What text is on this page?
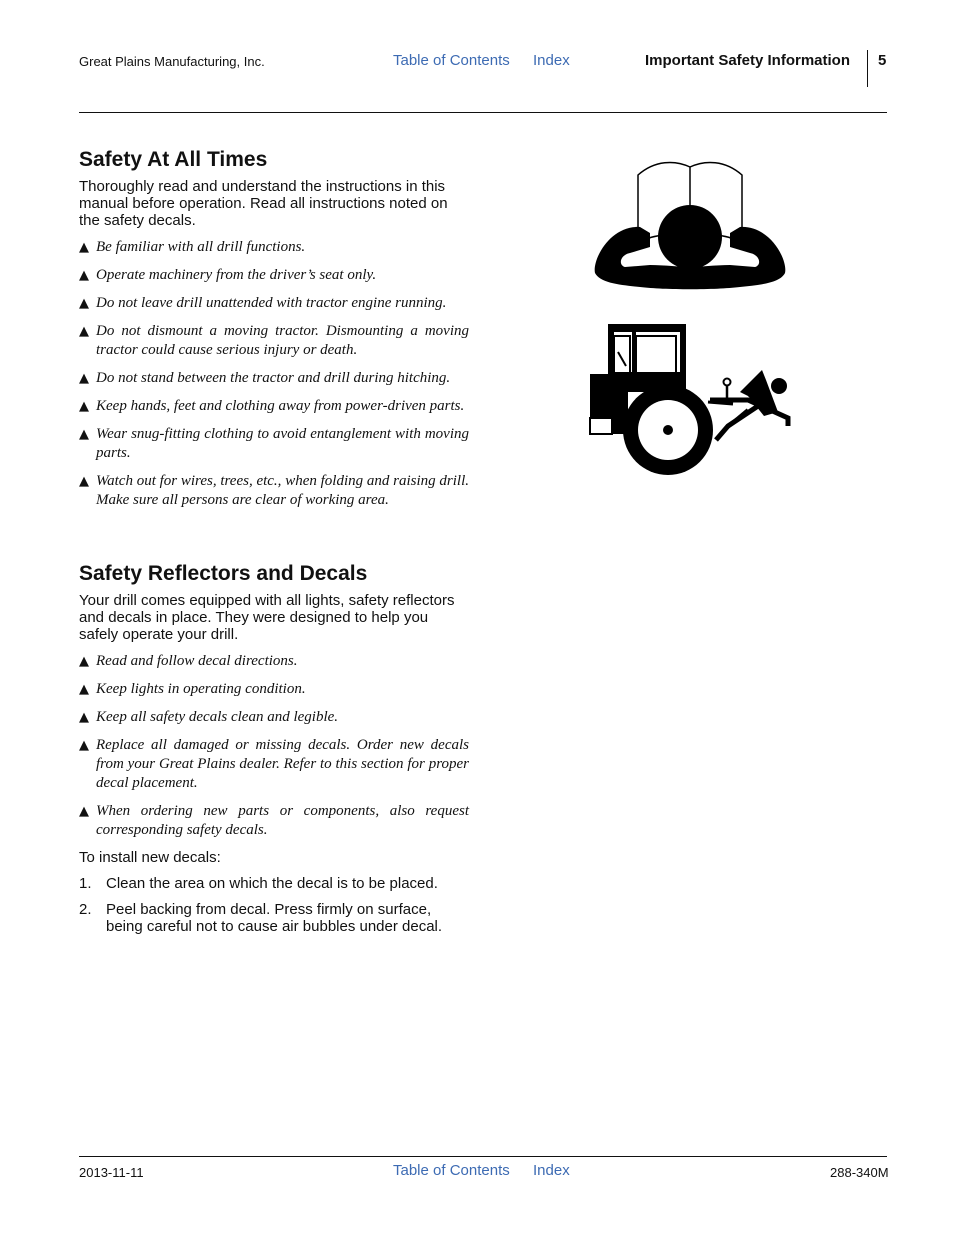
Great Plains Manufacturing, Inc.	Table of Contents Index	Important Safety Information 5
Safety At All Times

Thoroughly read and understand the instructions in this manual before operation. Read all instructions noted on the safety decals.

▲ Be familiar with all drill functions.
▲ Operate machinery from the driver’s seat only.
▲ Do not leave drill unattended with tractor engine running.
▲ Do not dismount a moving tractor. Dismounting a moving tractor could cause serious injury or death.
▲ Do not stand between the tractor and drill during hitching.
▲ Keep hands, feet and clothing away from power-driven parts.
▲ Wear snug-fitting clothing to avoid entanglement with moving parts.
▲ Watch out for wires, trees, etc., when folding and raising drill. Make sure all persons are clear of working area.
Safety Reflectors and Decals

Your drill comes equipped with all lights, safety reflectors and decals in place. They were designed to help you safely operate your drill.

▲ Read and follow decal directions.
▲ Keep lights in operating condition.
▲ Keep all safety decals clean and legible.
▲ Replace all damaged or missing decals. Order new decals from your Great Plains dealer. Refer to this section for proper decal placement.
▲ When ordering new parts or components, also request corresponding safety decals.

To install new decals:

1. Clean the area on which the decal is to be placed.
2. Peel backing from decal. Press firmly on surface, being careful not to cause air bubbles under decal.
2013-11-11	Table of Contents Index	288-340M
